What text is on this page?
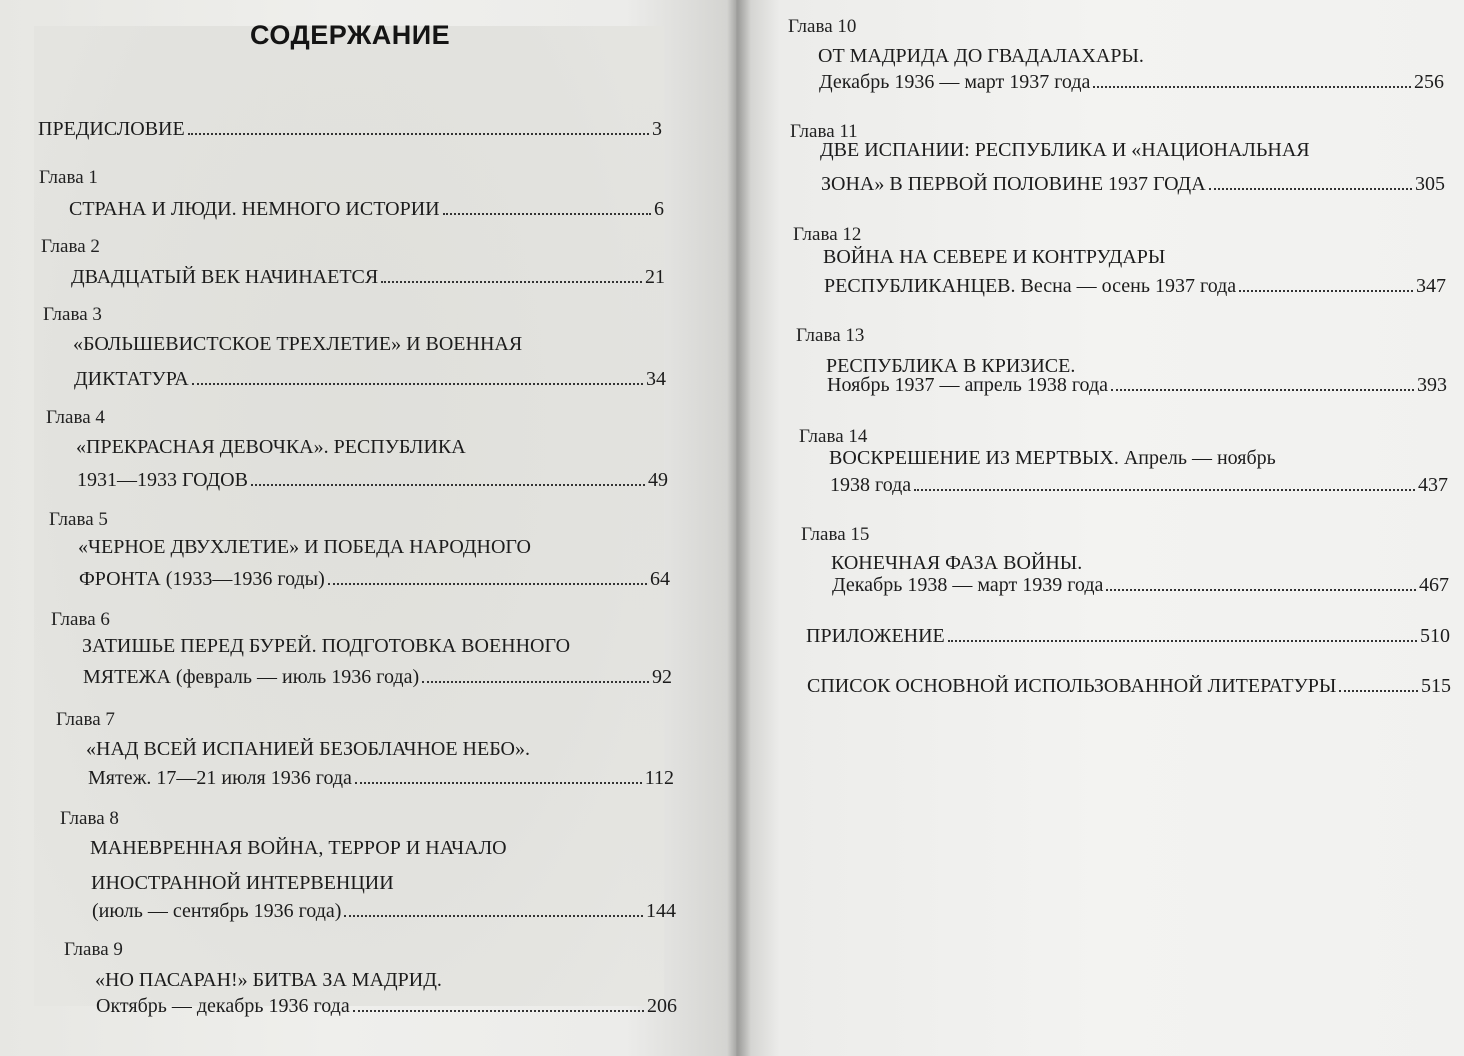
СОДЕРЖАНИЕ
ПРЕДИСЛОВИЕ	3
Глава 1
СТРАНА И ЛЮДИ. НЕМНОГО ИСТОРИИ	6
Глава 2
ДВАДЦАТЫЙ ВЕК НАЧИНАЕТСЯ	21
Глава 3
«БОЛЬШЕВИСТСКОЕ ТРЕХЛЕТИЕ» И ВОЕННАЯ
ДИКТАТУРА	34
Глава 4
«ПРЕКРАСНАЯ ДЕВОЧКА». РЕСПУБЛИКА
1931—1933 ГОДОВ	49
Глава 5
«ЧЕРНОЕ ДВУХЛЕТИЕ» И ПОБЕДА НАРОДНОГО
ФРОНТА (1933—1936 годы)	64
Глава 6
ЗАТИШЬЕ ПЕРЕД БУРЕЙ. ПОДГОТОВКА ВОЕННОГО
МЯТЕЖА (февраль — июль 1936 года)	92
Глава 7
«НАД ВСЕЙ ИСПАНИЕЙ БЕЗОБЛАЧНОЕ НЕБО».
Мятеж. 17—21 июля 1936 года	112
Глава 8
МАНЕВРЕННАЯ ВОЙНА, ТЕРРОР И НАЧАЛО
ИНОСТРАННОЙ ИНТЕРВЕНЦИИ
(июль — сентябрь 1936 года)	144
Глава 9
«НО ПАСАРАН!» БИТВА ЗА МАДРИД.
Октябрь — декабрь 1936 года	206
Глава 10
ОТ МАДРИДА ДО ГВАДАЛАХАРЫ.
Декабрь 1936 — март 1937 года	256
Глава 11
ДВЕ ИСПАНИИ: РЕСПУБЛИКА И «НАЦИОНАЛЬНАЯ
ЗОНА» В ПЕРВОЙ ПОЛОВИНЕ 1937 ГОДА	305
Глава 12
ВОЙНА НА СЕВЕРЕ И КОНТРУДАРЫ
РЕСПУБЛИКАНЦЕВ. Весна — осень 1937 года	347
Глава 13
РЕСПУБЛИКА В КРИЗИСЕ.
Ноябрь 1937 — апрель 1938 года	393
Глава 14
ВОСКРЕШЕНИЕ ИЗ МЕРТВЫХ. Апрель — ноябрь
1938 года	437
Глава 15
КОНЕЧНАЯ ФАЗА ВОЙНЫ.
Декабрь 1938 — март 1939 года	467
ПРИЛОЖЕНИЕ	510
СПИСОК ОСНОВНОЙ ИСПОЛЬЗОВАННОЙ ЛИТЕРАТУРЫ	515
